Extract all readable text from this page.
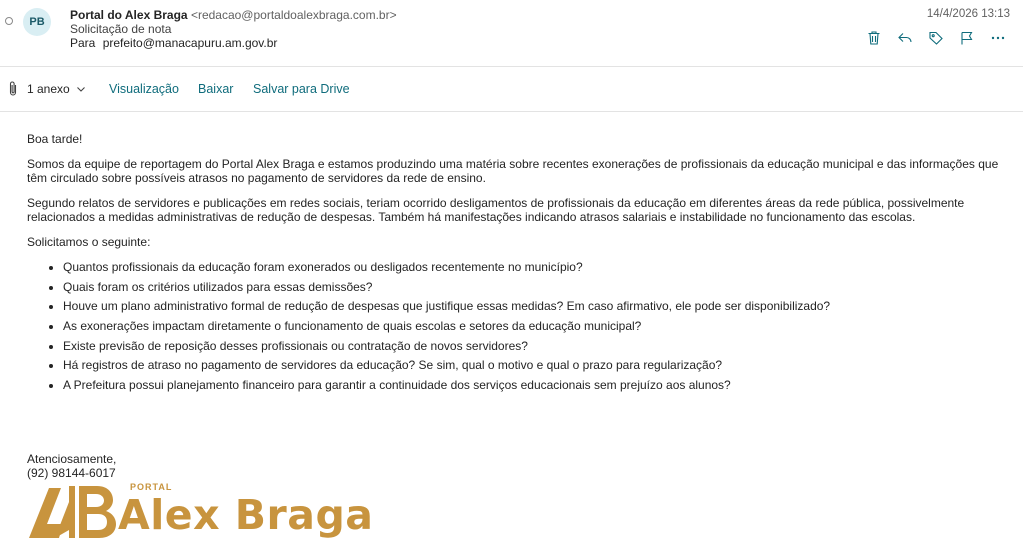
PB	Portal do Alex Braga <redacao@portaldoalexbraga.com.br>
Solicitação de nota
Para prefeito@manacapuru.am.gov.br
14/4/2026 13:13
1 anexo	Visualização Baixar Salvar para Drive

Boa tarde!

Somos da equipe de reportagem do Portal Alex Braga e estamos produzindo uma matéria sobre recentes exonerações de profissionais da educação municipal e das informações que têm circulado sobre possíveis atrasos no pagamento de servidores da rede de ensino.

Segundo relatos de servidores e publicações em redes sociais, teriam ocorrido desligamentos de profissionais da educação em diferentes áreas da rede pública, possivelmente relacionados a medidas administrativas de redução de despesas. Também há manifestações indicando atrasos salariais e instabilidade no funcionamento das escolas.

Solicitamos o seguinte:

• Quantos profissionais da educação foram exonerados ou desligados recentemente no município?
• Quais foram os critérios utilizados para essas demissões?
• Houve um plano administrativo formal de redução de despesas que justifique essas medidas? Em caso afirmativo, ele pode ser disponibilizado?
• As exonerações impactam diretamente o funcionamento de quais escolas e setores da educação municipal?
• Existe previsão de reposição desses profissionais ou contratação de novos servidores?
• Há registros de atraso no pagamento de servidores da educação? Se sim, qual o motivo e qual o prazo para regularização?
• A Prefeitura possui planejamento financeiro para garantir a continuidade dos serviços educacionais sem prejuízo aos alunos?
Atenciosamente,
(92) 98144-6017
PORTAL
Alex Braga
